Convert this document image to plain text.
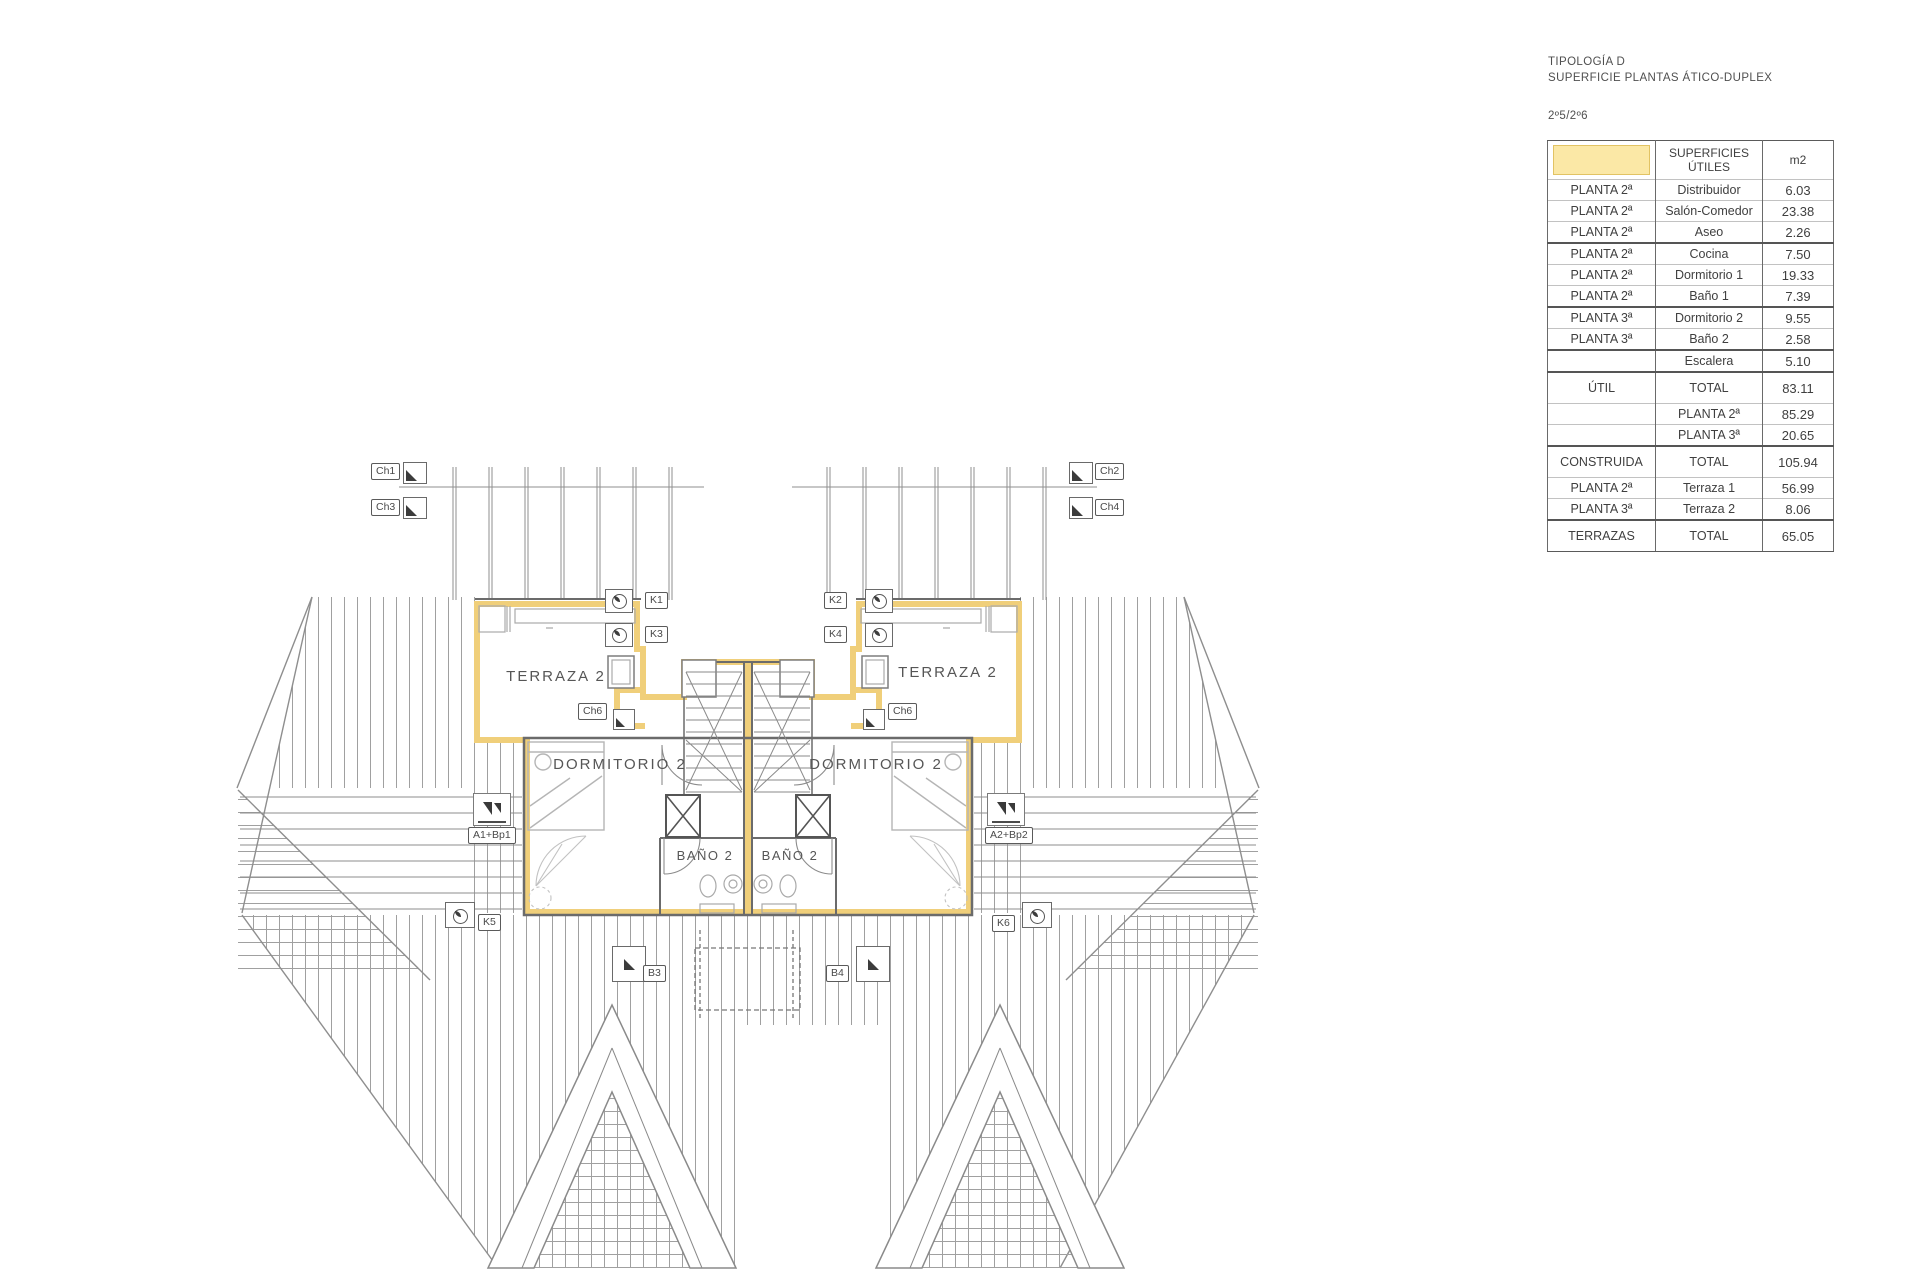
TERRAZA 2	TERRAZA 2
DORMITORIO 2	DORMITORIO 2
BAÑO 2	BAÑO 2
Ch1
Ch3
Ch2
Ch4
K1
K3
K2
K4
Ch6	Ch6
A1+Bp1	A2+Bp2
K5	K6
B3	B4
TIPOLOGÍA D
SUPERFICIE PLANTAS ÁTICO-DUPLEX
2º5/2º6
	SUPERFICIES ÚTILES	m2
PLANTA 2ª	Distribuidor	6.03
PLANTA 2ª	Salón-Comedor	23.38
PLANTA 2ª	Aseo	2.26
PLANTA 2ª	Cocina	7.50
PLANTA 2ª	Dormitorio 1	19.33
PLANTA 2ª	Baño 1	7.39
PLANTA 3ª	Dormitorio 2	9.55
PLANTA 3ª	Baño 2	2.58
	Escalera	5.10
ÚTIL	TOTAL	83.11
	PLANTA 2ª	85.29
	PLANTA 3ª	20.65
CONSTRUIDA	TOTAL	105.94
PLANTA 2ª	Terraza 1	56.99
PLANTA 3ª	Terraza 2	8.06
TERRAZAS	TOTAL	65.05
